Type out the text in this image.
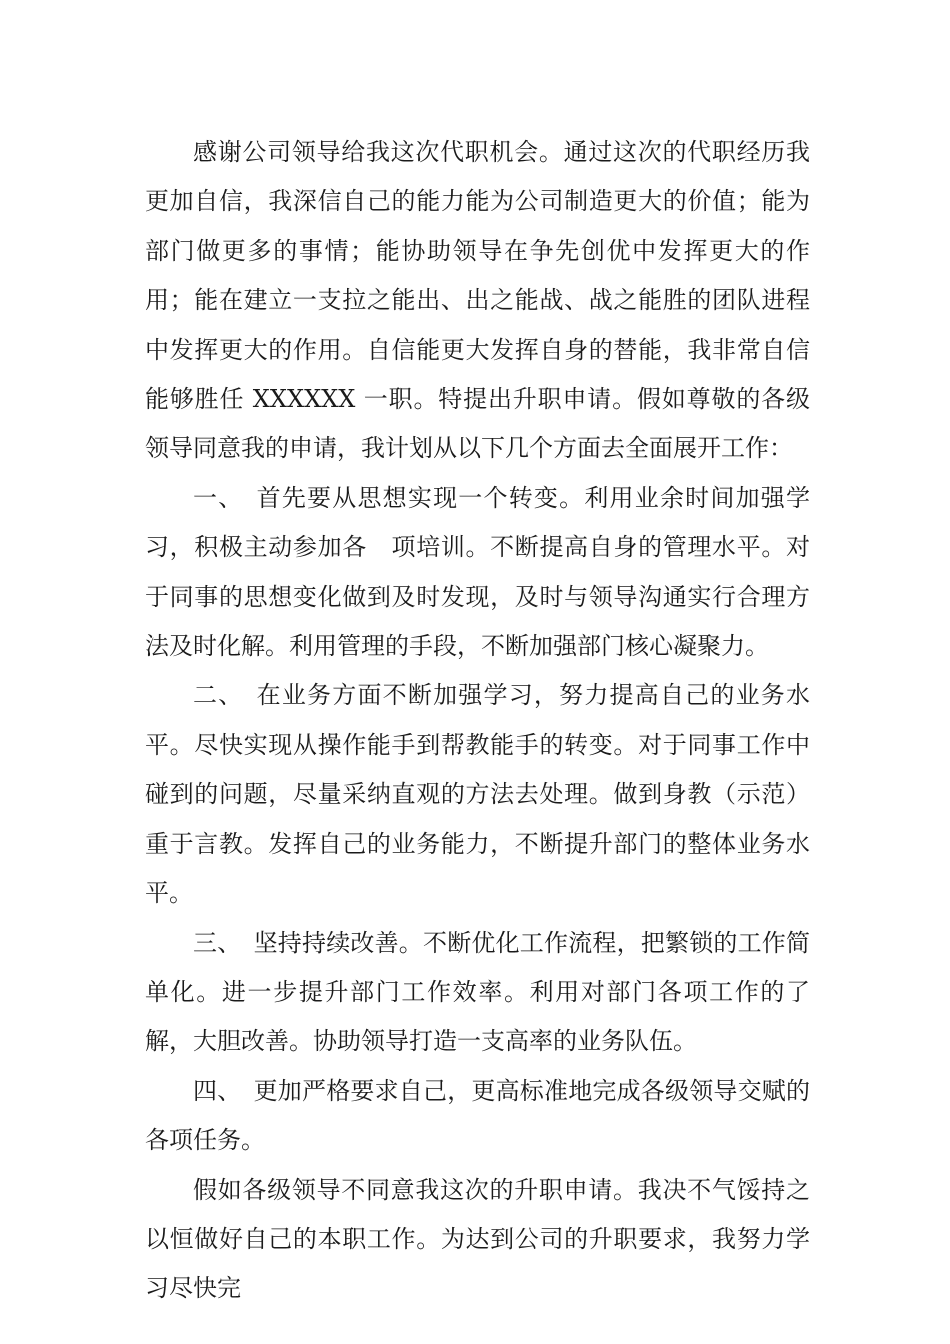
感谢公司领导给我这次代职机会。通过这次的代职经历我更加自信，我深信自己的能力能为公司制造更大的价值；能为部门做更多的事情；能协助领导在争先创优中发挥更大的作用；能在建立一支拉之能出、出之能战、战之能胜的团队进程中发挥更大的作用。自信能更大发挥自身的替能，我非常自信能够胜任 XXXXXX 一职。特提出升职申请。假如尊敬的各级领导同意我的申请，我计划从以下几个方面去全面展开工作：

一、　首先要从思想实现一个转变。利用业余时间加强学习，积极主动参加各　项培训。不断提高自身的管理水平。对于同事的思想变化做到及时发现，及时与领导沟通实行合理方法及时化解。利用管理的手段，不断加强部门核心凝聚力。

二、　在业务方面不断加强学习，努力提高自己的业务水平。尽快实现从操作能手到帮教能手的转变。对于同事工作中碰到的问题，尽量采纳直观的方法去处理。做到身教（示范）重于言教。发挥自己的业务能力，不断提升部门的整体业务水平。

三、　坚持持续改善。不断优化工作流程，把繁锁的工作简单化。进一步提升部门工作效率。利用对部门各项工作的了解，大胆改善。协助领导打造一支高率的业务队伍。

四、　更加严格要求自己，更高标准地完成各级领导交赋的各项任务。

假如各级领导不同意我这次的升职申请。我决不气馁持之以恒做好自己的本职工作。为达到公司的升职要求，我努力学习尽快完
